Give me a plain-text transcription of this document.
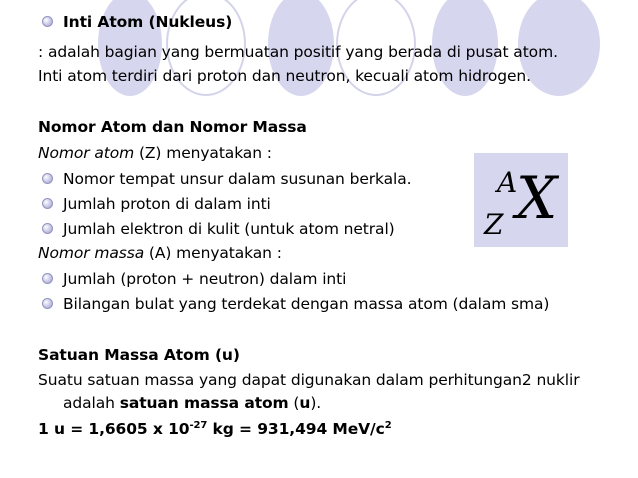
Inti Atom (Nukleus)
: adalah bagian yang bermuatan positif yang berada di pusat atom.
Inti atom terdiri dari proton dan neutron, kecuali atom hidrogen.
Nomor Atom dan Nomor Massa
Nomor atom (Z) menyatakan :
Nomor tempat unsur dalam susunan berkala.
Jumlah proton di dalam inti
Jumlah elektron di kulit (untuk atom netral)
Nomor massa (A) menyatakan :
Jumlah (proton + neutron) dalam inti
Bilangan bulat yang terdekat dengan massa atom (dalam sma)
Satuan Massa Atom (u)
Suatu satuan massa yang dapat digunakan dalam perhitungan2 nuklir
adalah satuan massa atom (u).
1 u = 1,6605 x $10^{-27}$ kg = 931,494 MeV/$c^2$
A
Z X
